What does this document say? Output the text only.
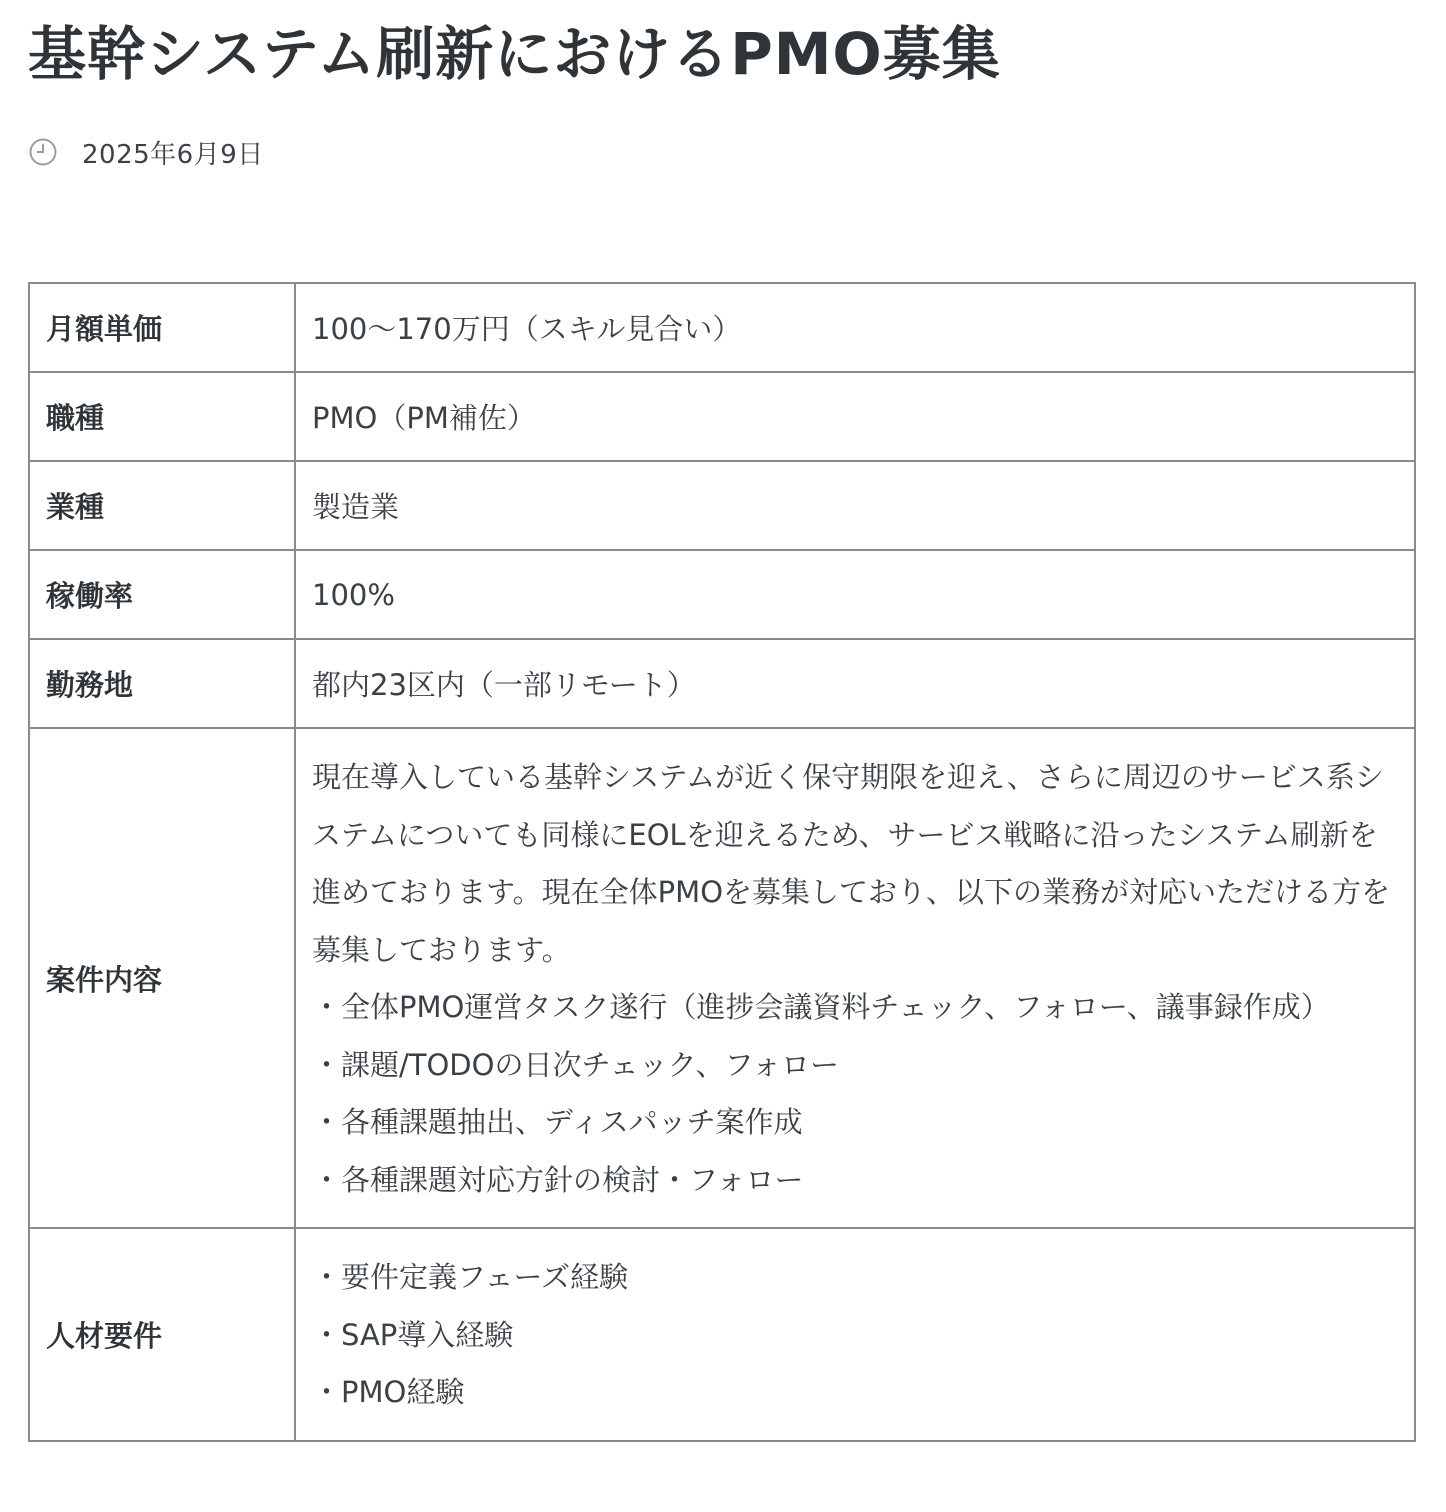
基幹システム刷新におけるPMO募集
2025年6月9日
月額単価	100〜170万円（スキル見合い）
職種	PMO（PM補佐）
業種	製造業
稼働率	100%
勤務地	都内23区内（一部リモート）
案件内容	現在導入している基幹システムが近く保守期限を迎え、さらに周辺のサービス系システムについても同様にEOLを迎えるため、サービス戦略に沿ったシステム刷新を進めております。現在全体PMOを募集しており、以下の業務が対応いただける方を募集しております。

・全体PMO運営タスク遂行（進捗会議資料チェック、フォロー、議事録作成）
・課題/TODOの日次チェック、フォロー
・各種課題抽出、ディスパッチ案作成
・各種課題対応方針の検討・フォロー

人材要件	・要件定義フェーズ経験
・SAP導入経験
・PMO経験
